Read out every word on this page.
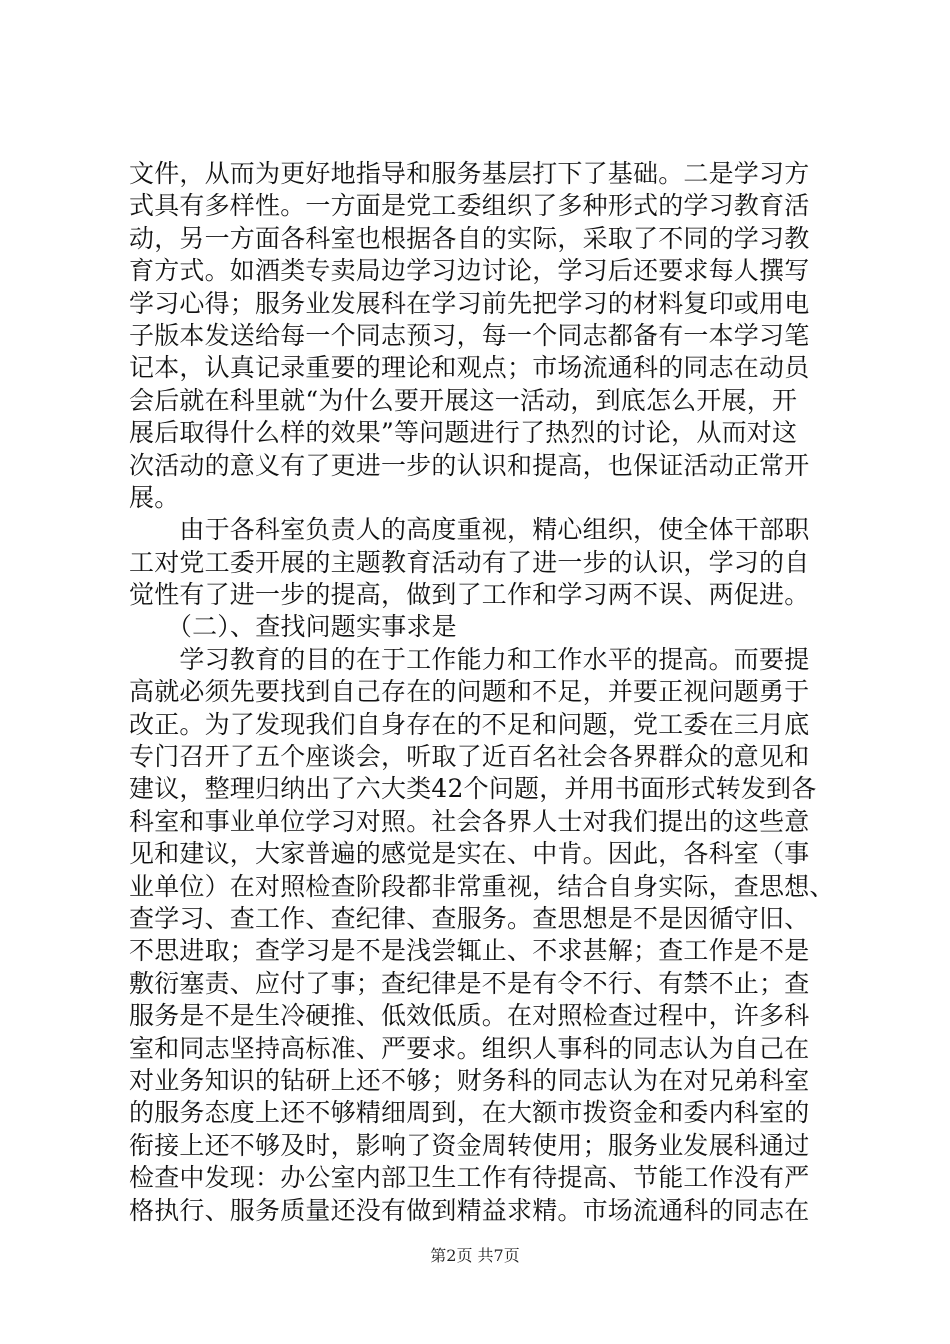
文件，从而为更好地指导和服务基层打下了基础。二是学习方
式具有多样性。一方面是党工委组织了多种形式的学习教育活
动，另一方面各科室也根据各自的实际，采取了不同的学习教
育方式。如酒类专卖局边学习边讨论，学习后还要求每人撰写
学习心得；服务业发展科在学习前先把学习的材料复印或用电
子版本发送给每一个同志预习，每一个同志都备有一本学习笔
记本，认真记录重要的理论和观点；市场流通科的同志在动员
会后就在科里就“为什么要开展这一活动，到底怎么开展，开
展后取得什么样的效果”等问题进行了热烈的讨论，从而对这
次活动的意义有了更进一步的认识和提高，也保证活动正常开
展。
　　由于各科室负责人的高度重视，精心组织，使全体干部职
工对党工委开展的主题教育活动有了进一步的认识，学习的自
觉性有了进一步的提高，做到了工作和学习两不误、两促进。
　　（二）、查找问题实事求是
　　学习教育的目的在于工作能力和工作水平的提高。而要提
高就必须先要找到自己存在的问题和不足，并要正视问题勇于
改正。为了发现我们自身存在的不足和问题，党工委在三月底
专门召开了五个座谈会，听取了近百名社会各界群众的意见和
建议，整理归纳出了六大类42个问题，并用书面形式转发到各
科室和事业单位学习对照。社会各界人士对我们提出的这些意
见和建议，大家普遍的感觉是实在、中肯。因此，各科室（事
业单位）在对照检查阶段都非常重视，结合自身实际，查思想、
查学习、查工作、查纪律、查服务。查思想是不是因循守旧、
不思进取；查学习是不是浅尝辄止、不求甚解；查工作是不是
敷衍塞责、应付了事；查纪律是不是有令不行、有禁不止；查
服务是不是生冷硬推、低效低质。在对照检查过程中，许多科
室和同志坚持高标准、严要求。组织人事科的同志认为自己在
对业务知识的钻研上还不够；财务科的同志认为在对兄弟科室
的服务态度上还不够精细周到，在大额市拨资金和委内科室的
衔接上还不够及时，影响了资金周转使用；服务业发展科通过
检查中发现：办公室内部卫生工作有待提高、节能工作没有严
格执行、服务质量还没有做到精益求精。市场流通科的同志在
第2页 共7页
